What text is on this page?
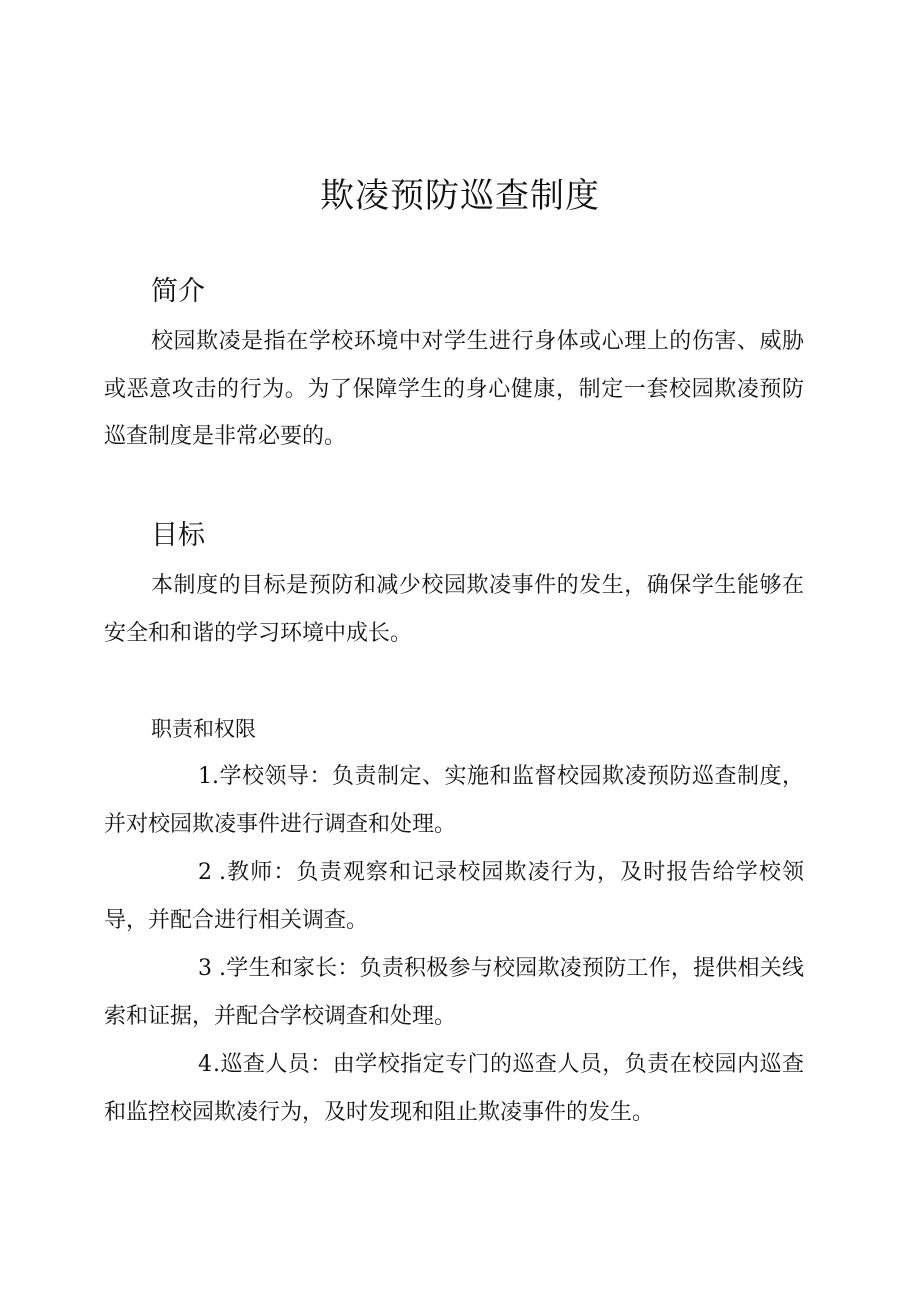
欺凌预防巡查制度
简介
校园欺凌是指在学校环境中对学生进行身体或心理上的伤害、威胁或恶意攻击的行为。为了保障学生的身心健康，制定一套校园欺凌预防巡查制度是非常必要的。
目标
本制度的目标是预防和减少校园欺凌事件的发生，确保学生能够在安全和和谐的学习环境中成长。
职责和权限
1.学校领导：负责制定、实施和监督校园欺凌预防巡查制度，并对校园欺凌事件进行调查和处理。
2 .教师：负责观察和记录校园欺凌行为，及时报告给学校领导，并配合进行相关调查。
3 .学生和家长：负责积极参与校园欺凌预防工作，提供相关线索和证据，并配合学校调查和处理。
4.巡查人员：由学校指定专门的巡查人员，负责在校园内巡查和监控校园欺凌行为，及时发现和阻止欺凌事件的发生。
